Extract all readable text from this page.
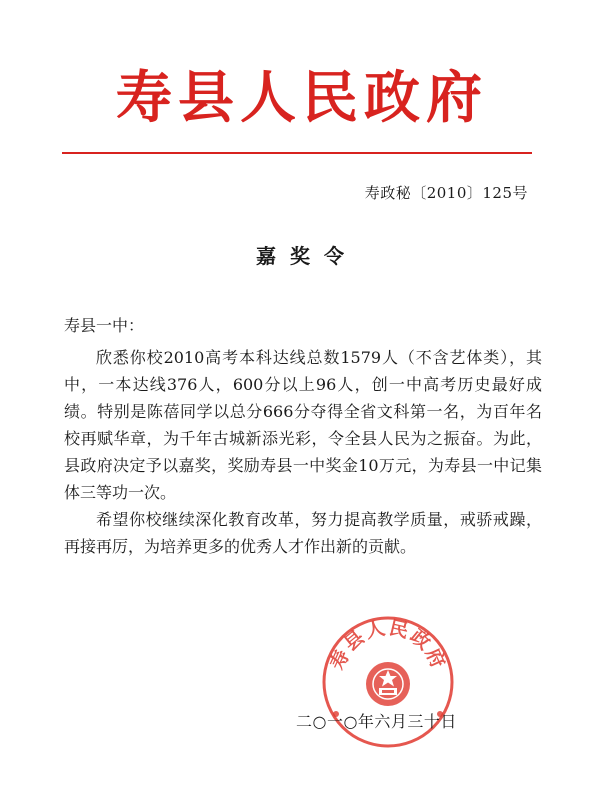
寿县人民政府
寿政秘〔2010〕125号
嘉奖令
寿县一中：

欣悉你校2010高考本科达线总数1579人（不含艺体类），其中，一本达线376人，600分以上96人，创一中高考历史最好成绩。特别是陈蓓同学以总分666分夺得全省文科第一名，为百年名校再赋华章，为千年古城新添光彩，令全县人民为之振奋。为此，县政府决定予以嘉奖，奖励寿县一中奖金10万元，为寿县一中记集体三等功一次。

希望你校继续深化教育改革，努力提高教学质量，戒骄戒躁，再接再厉，为培养更多的优秀人才作出新的贡献。

寿县人民政府
二○一○年六月三十日
